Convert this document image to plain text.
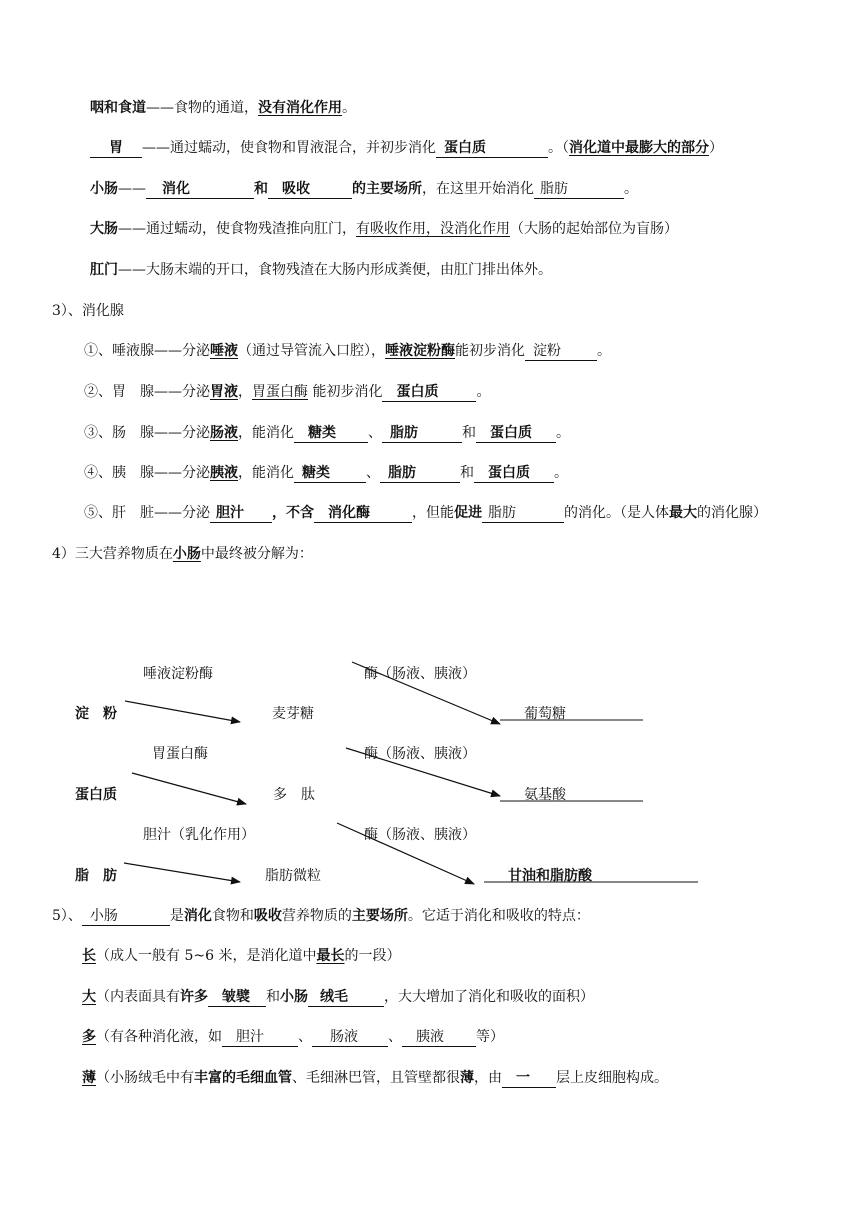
咽和食道——食物的通道，没有消化作用。
胃 ——通过蠕动，使食物和胃液混合，并初步消化 蛋白质	。（消化道中最膨大的部分）
小肠—— 消化	和 吸收	的主要场所，在这里开始消化 脂肪	。
大肠——通过蠕动，使食物残渣推向肛门，有吸收作用，没消化作用（大肠的起始部位为盲肠）
肛门——大肠末端的开口，食物残渣在大肠内形成粪便，由肛门排出体外。
3）、消化腺
①、唾液腺——分泌唾液（通过导管流入口腔），唾液淀粉酶能初步消化 淀粉	。
②、胃　腺——分泌胃液，胃蛋白酶 能初步消化 蛋白质	。
③、肠　腺——分泌肠液，能消化 糖类 、 脂肪	和 蛋白质 。
④、胰　腺——分泌胰液，能消化 糖类	、 脂肪	和 蛋白质 。
⑤、肝　脏——分泌 胆汁 ，不含 消化酶	，但能促进 脂肪	的消化。（是人体最大的消化腺）
4）三大营养物质在小肠中最终被分解为：
唾液淀粉酶	酶（肠液、胰液）
淀　粉	麦芽糖	葡萄糖
胃蛋白酶	酶（肠液、胰液）
蛋白质	多　肽	氨基酸
胆汁（乳化作用）	酶（肠液、胰液）
脂　肪	脂肪微粒	甘油和脂肪酸
5）、 小肠	是消化食物和吸收营养物质的主要场所。它适于消化和吸收的特点：
长（成人一般有 5~6 米，是消化道中最长的一段）
大（内表面具有许多 皱襞 和小肠 绒毛	，大大增加了消化和吸收的面积）
多（有各种消化液，如 胆汁 、 肠液 、 胰液 等）
薄（小肠绒毛中有丰富的毛细血管、毛细淋巴管，且管壁都很薄，由 一 层上皮细胞构成。
